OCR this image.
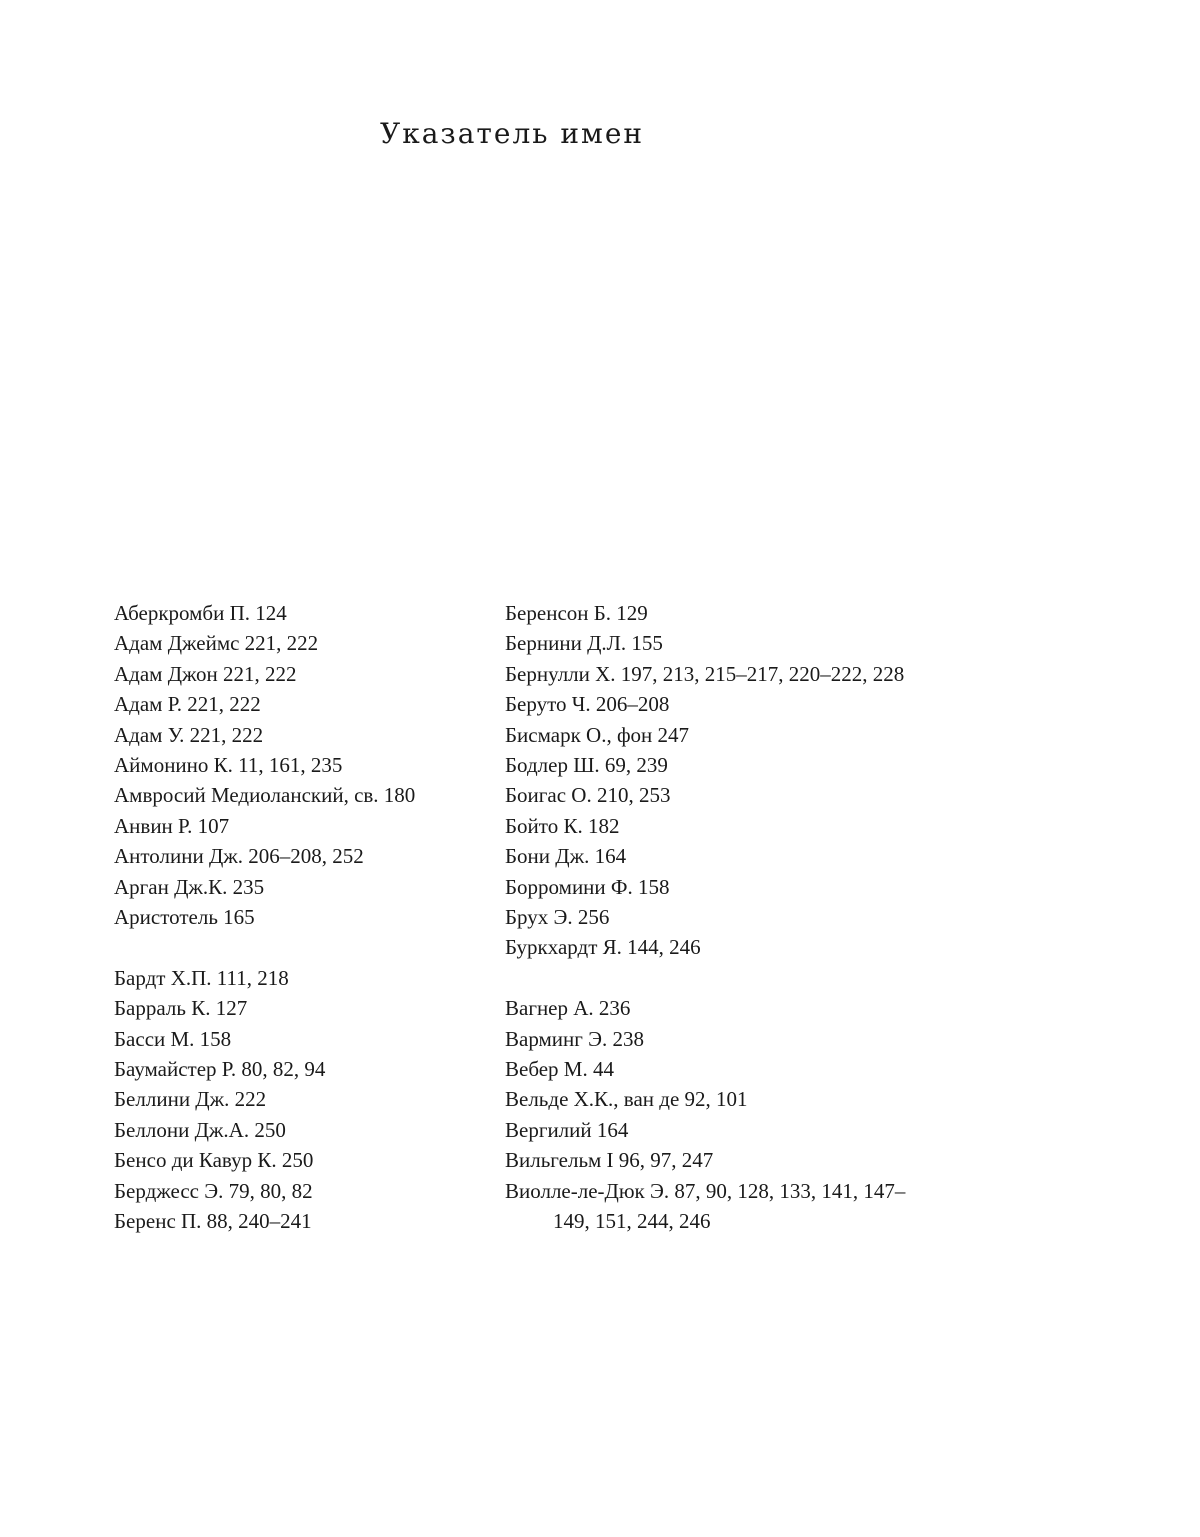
Указатель имен
Аберкромби П. 124
Адам Джеймс 221, 222
Адам Джон 221, 222
Адам Р. 221, 222
Адам У. 221, 222
Аймонино К. 11, 161, 235
Амвросий Медиоланский, св. 180
Анвин Р. 107
Антолини Дж. 206–208, 252
Арган Дж.К. 235
Аристотель 165
Бардт Х.П. 111, 218
Барраль К. 127
Басси М. 158
Баумайстер Р. 80, 82, 94
Беллини Дж. 222
Беллони Дж.А. 250
Бенсо ди Кавур К. 250
Берджесс Э. 79, 80, 82
Беренс П. 88, 240–241
Беренсон Б. 129
Бернини Д.Л. 155
Бернулли Х. 197, 213, 215–217, 220–222, 228
Беруто Ч. 206–208
Бисмарк О., фон 247
Бодлер Ш. 69, 239
Боигас О. 210, 253
Бойто К. 182
Бони Дж. 164
Борромини Ф. 158
Брух Э. 256
Буркхардт Я. 144, 246
Вагнер А. 236
Варминг Э. 238
Вебер М. 44
Вельде Х.К., ван де 92, 101
Вергилий 164
Вильгельм I 96, 97, 247
Виолле-ле-Дюк Э. 87, 90, 128, 133, 141, 147–149, 151, 244, 246
